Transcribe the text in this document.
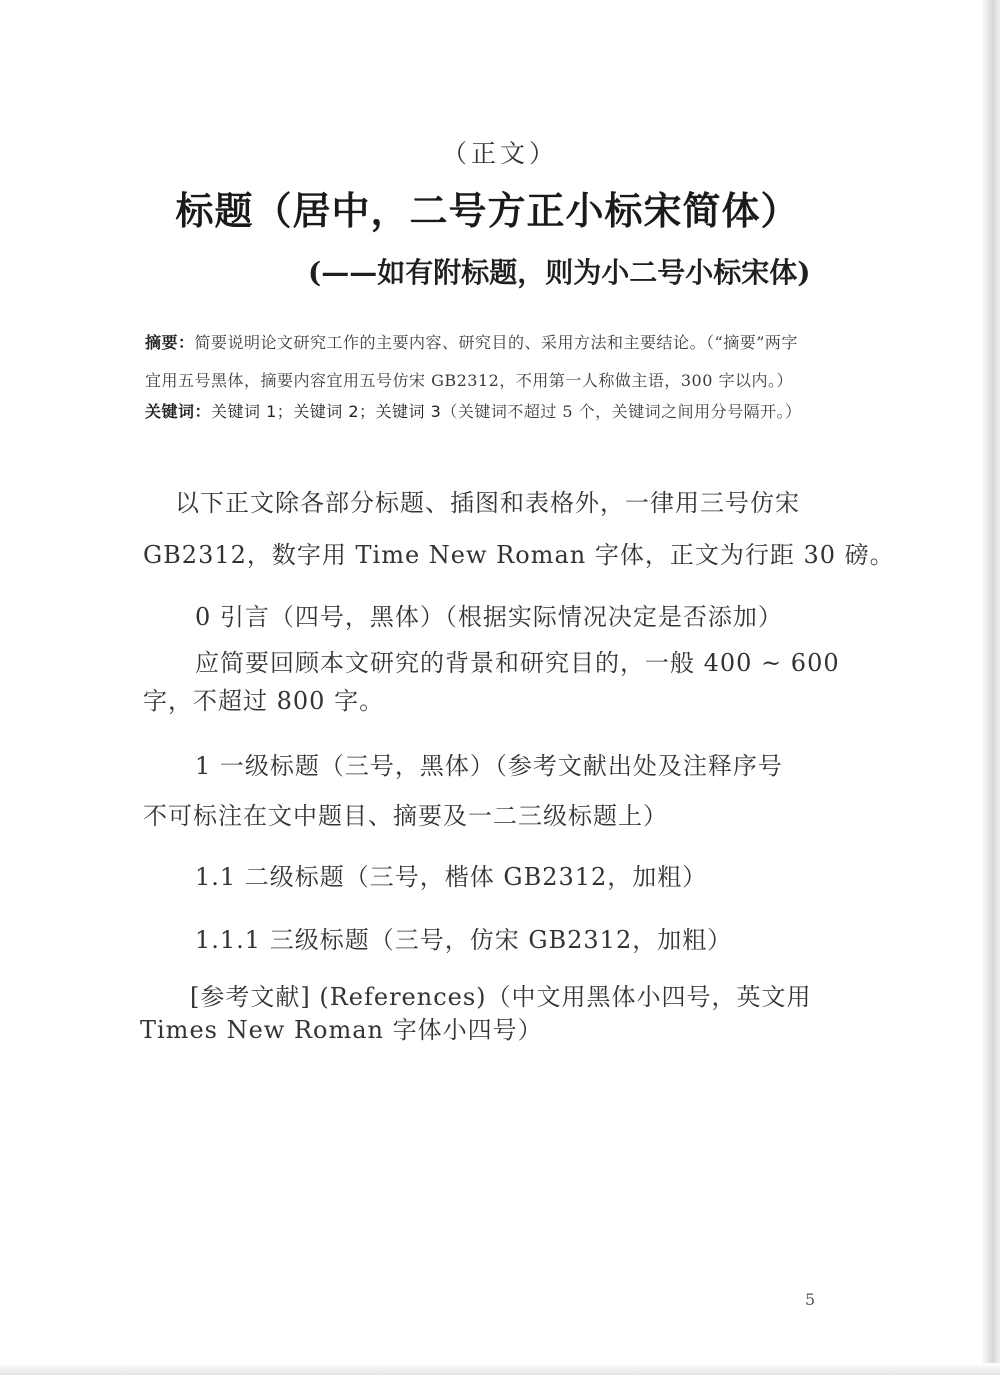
（正文）
标题（居中，二号方正小标宋简体）
(——如有附标题，则为小二号小标宋体)
摘要：简要说明论文研究工作的主要内容、研究目的、采用方法和主要结论。（“摘要”两字
宜用五号黑体，摘要内容宜用五号仿宋 GB2312，不用第一人称做主语，300 字以内。）
关键词：关键词 1；关键词 2；关键词 3（关键词不超过 5 个，关键词之间用分号隔开。）
以下正文除各部分标题、插图和表格外，一律用三号仿宋
GB2312，数字用 Time New Roman 字体，正文为行距 30 磅。
0 引言（四号，黑体）（根据实际情况决定是否添加）
应简要回顾本文研究的背景和研究目的，一般 400 ~ 600
字，不超过 800 字。
1 一级标题（三号，黑体）（参考文献出处及注释序号
不可标注在文中题目、摘要及一二三级标题上）
1.1 二级标题（三号，楷体 GB2312，加粗）
1.1.1 三级标题（三号，仿宋 GB2312，加粗）
[参考文献] (References)（中文用黑体小四号，英文用
Times New Roman 字体小四号）
5
